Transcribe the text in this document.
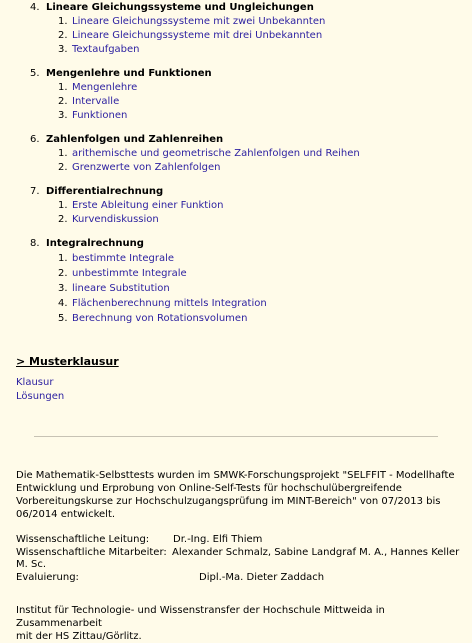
4. Lineare Gleichungssysteme und Ungleichungen
1. Lineare Gleichungssysteme mit zwei Unbekannten
2. Lineare Gleichungssysteme mit drei Unbekannten
3. Textaufgaben
5. Mengenlehre und Funktionen
1. Mengenlehre
2. Intervalle
3. Funktionen
6. Zahlenfolgen und Zahlenreihen
1. arithemische und geometrische Zahlenfolgen und Reihen
2. Grenzwerte von Zahlenfolgen
7. Differentialrechnung
1. Erste Ableitung einer Funktion
2. Kurvendiskussion
8. Integralrechnung
1. bestimmte Integrale
2. unbestimmte Integrale
3. lineare Substitution
4. Flächenberechnung mittels Integration
5. Berechnung von Rotationsvolumen
> Musterklausur
Klausur
Lösungen
Die Mathematik-Selbsttests wurden im SMWK-Forschungsprojekt "SELFFIT - Modellhafte
Entwicklung und Erprobung von Online-Self-Tests für hochschulübergreifende
Vorbereitungskurse zur Hochschulzugangsprüfung im MINT-Bereich" von 07/2013 bis
06/2014 entwickelt.
Wissenschaftliche Leitung: Dr.-Ing. Elfi Thiem
Wissenschaftliche Mitarbeiter: Alexander Schmalz, Sabine Landgraf M. A., Hannes Keller
M. Sc.
Evaluierung:	Dipl.-Ma. Dieter Zaddach
Institut für Technologie- und Wissenstransfer der Hochschule Mittweida in Zusammenarbeit
mit der HS Zittau/Görlitz.
